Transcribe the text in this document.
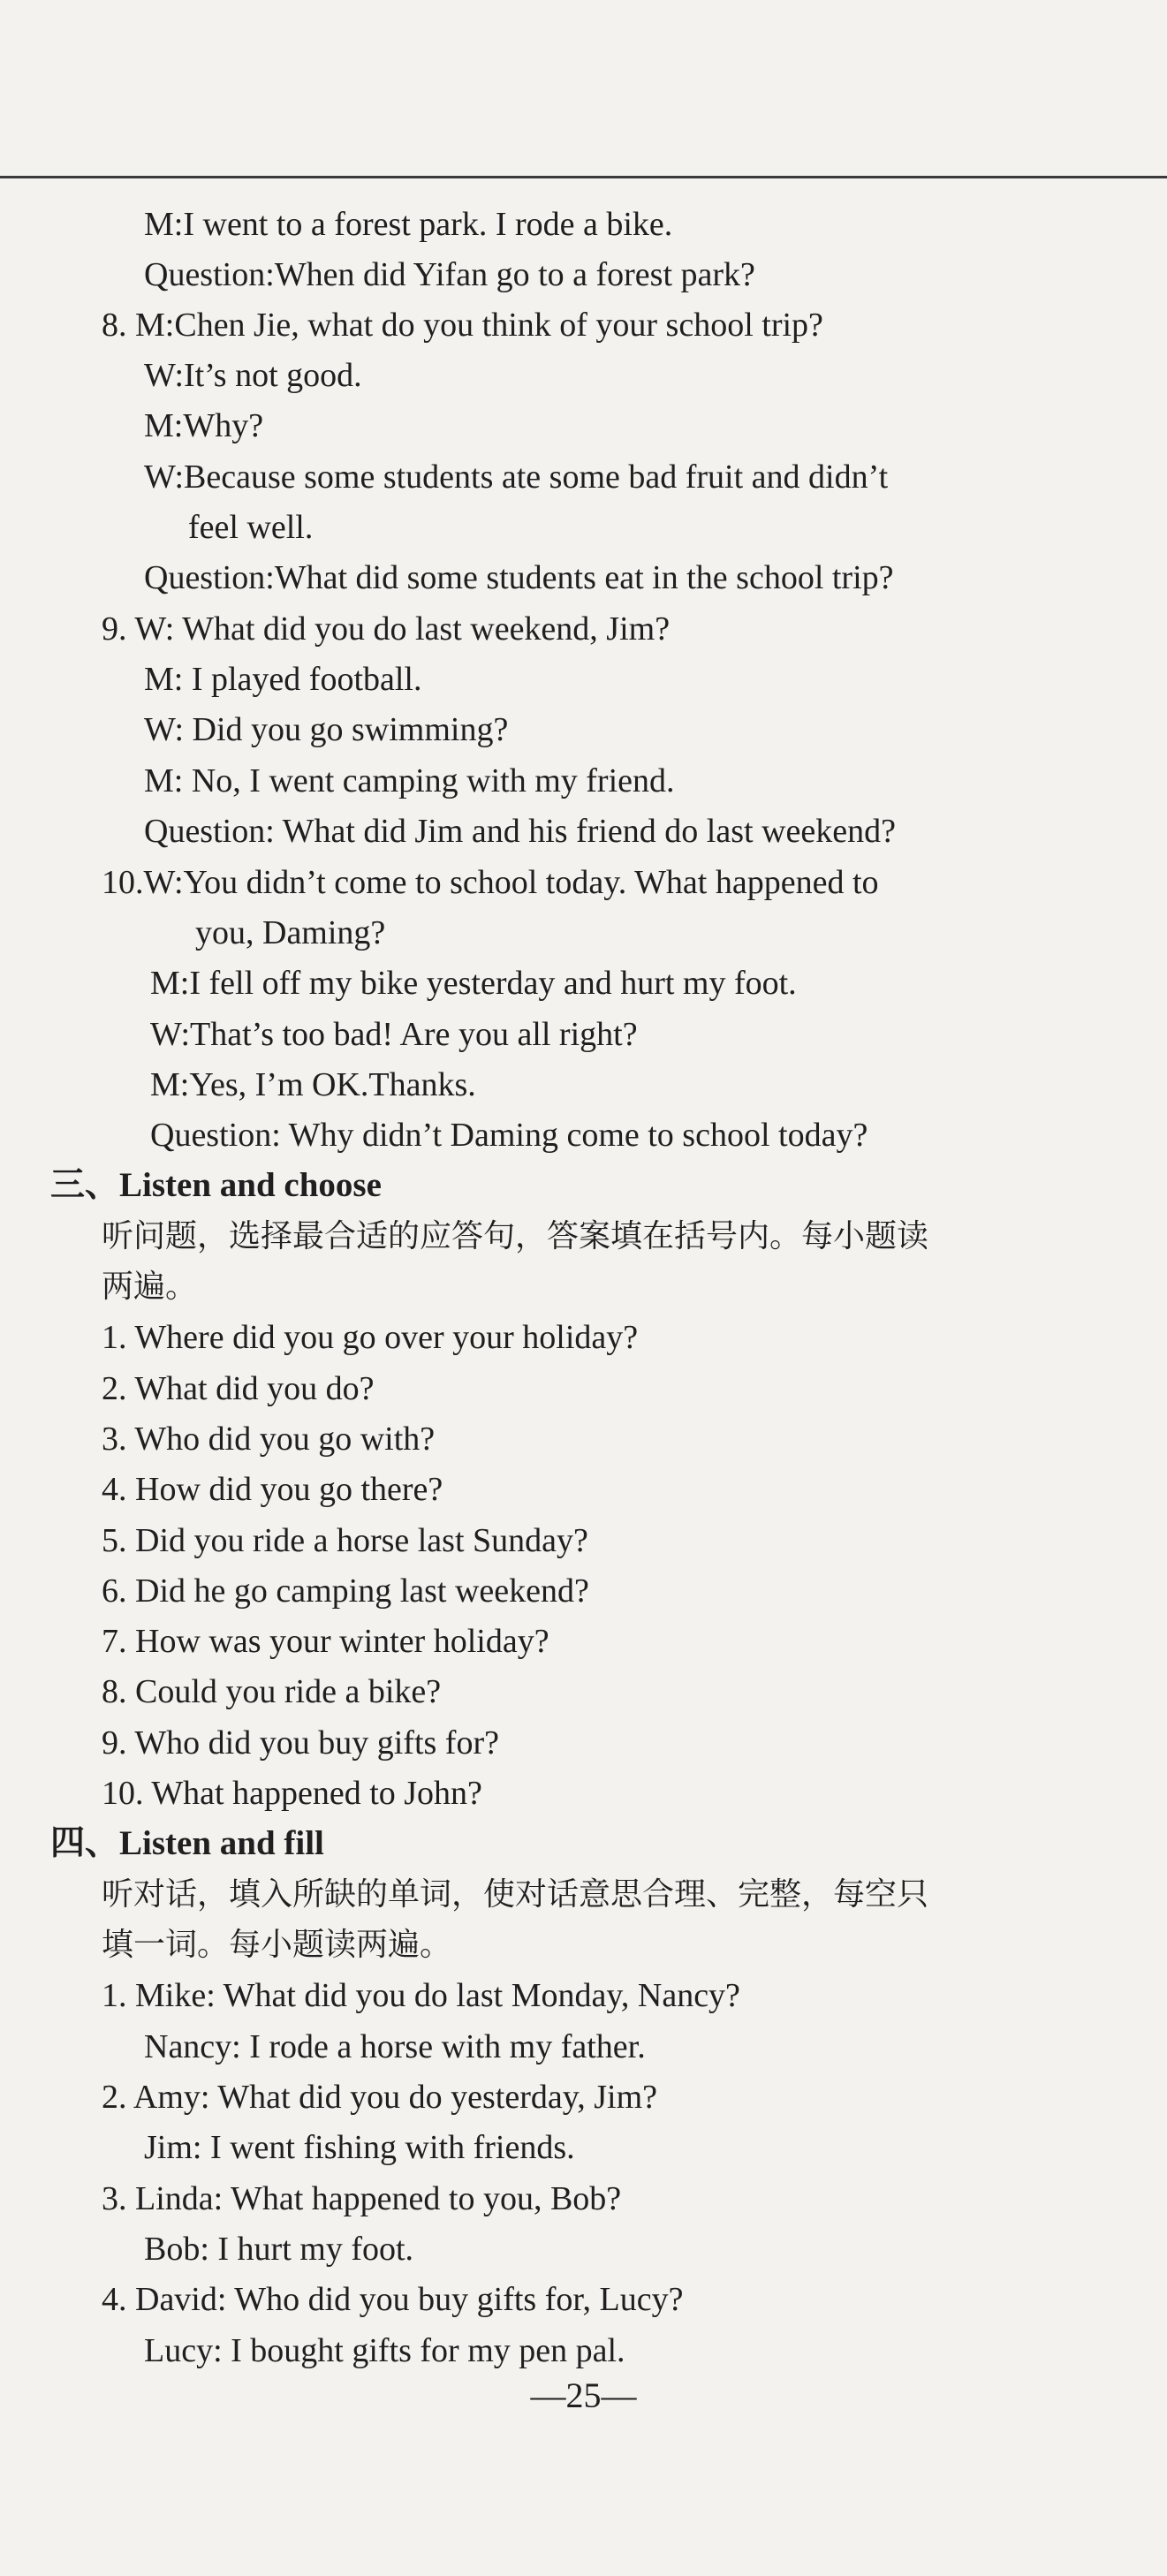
M:I went to a forest park. I rode a bike.
Question:When did Yifan go to a forest park?
8. M:Chen Jie, what do you think of your school trip?
W:It’s not good.
M:Why?
W:Because some students ate some bad fruit and didn’t
feel well.
Question:What did some students eat in the school trip?
9. W: What did you do last weekend, Jim?
M: I played football.
W: Did you go swimming?
M: No, I went camping with my friend.
Question: What did Jim and his friend do last weekend?
10.W:You didn’t come to school today. What happened to
you, Daming?
M:I fell off my bike yesterday and hurt my foot.
W:That’s too bad! Are you all right?
M:Yes, I’m OK.Thanks.
Question: Why didn’t Daming come to school today?
三、Listen and choose
听问题，选择最合适的应答句，答案填在括号内。每小题读
两遍。
1. Where did you go over your holiday?
2. What did you do?
3. Who did you go with?
4. How did you go there?
5. Did you ride a horse last Sunday?
6. Did he go camping last weekend?
7. How was your winter holiday?
8. Could you ride a bike?
9. Who did you buy gifts for?
10. What happened to John?
四、Listen and fill
听对话，填入所缺的单词，使对话意思合理、完整，每空只
填一词。每小题读两遍。
1. Mike: What did you do last Monday, Nancy?
Nancy: I rode a horse with my father.
2. Amy: What did you do yesterday, Jim?
Jim: I went fishing with friends.
3. Linda: What happened to you, Bob?
Bob: I hurt my foot.
4. David: Who did you buy gifts for, Lucy?
Lucy: I bought gifts for my pen pal.
—25—
